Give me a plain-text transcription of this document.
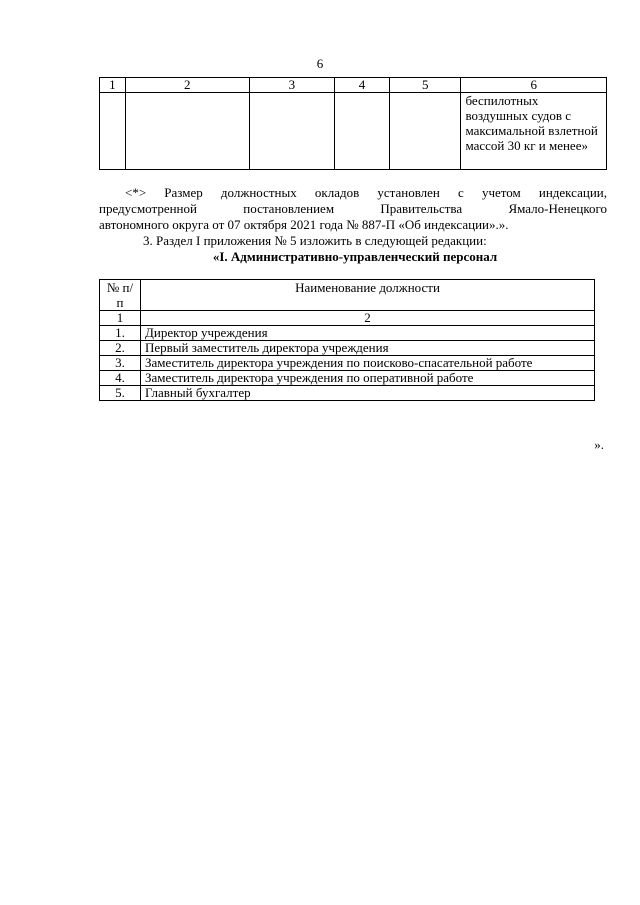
6
1	2	3	4	5	6
					беспилотных воздушных судов с максимальной взлетной массой 30 кг и менее»
<*> Размер должностных окладов установлен с учетом индексации,
предусмотренной постановлением Правительства Ямало-Ненецкого
автономного округа от 07 октября 2021 года № 887-П «Об индексации».».
3. Раздел I приложения № 5 изложить в следующей редакции:
«I. Административно-управленческий персонал
№ п/п	Наименование должности
1	2
1.	Директор учреждения
2.	Первый заместитель директора учреждения
3.	Заместитель директора учреждения по поисково-спасательной работе
4.	Заместитель директора учреждения по оперативной работе
5.	Главный бухгалтер
».
